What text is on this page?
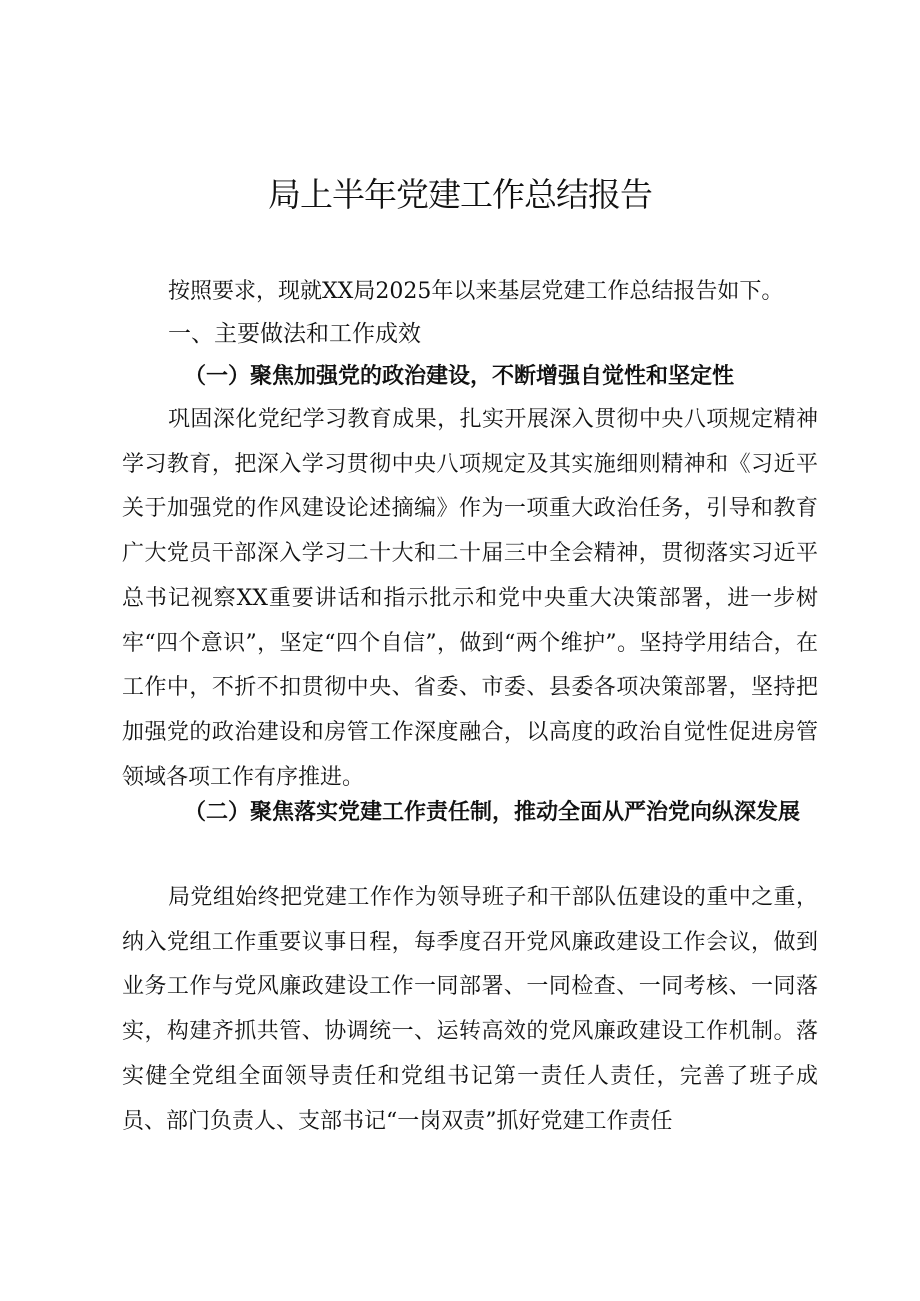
局上半年党建工作总结报告

按照要求，现就XX局2025年以来基层党建工作总结报告如下。

一、主要做法和工作成效
（一）聚焦加强党的政治建设，不断增强自觉性和坚定性

巩固深化党纪学习教育成果，扎实开展深入贯彻中央八项规定精神学习教育，把深入学习贯彻中央八项规定及其实施细则精神和《习近平关于加强党的作风建设论述摘编》作为一项重大政治任务，引导和教育广大党员干部深入学习二十大和二十届三中全会精神，贯彻落实习近平总书记视察XX重要讲话和指示批示和党中央重大决策部署，进一步树牢“四个意识”，坚定“四个自信”，做到“两个维护”。坚持学用结合，在工作中，不折不扣贯彻中央、省委、市委、县委各项决策部署，坚持把加强党的政治建设和房管工作深度融合，以高度的政治自觉性促进房管领域各项工作有序推进。

（二）聚焦落实党建工作责任制，推动全面从严治党向纵深发展

局党组始终把党建工作作为领导班子和干部队伍建设的重中之重，纳入党组工作重要议事日程，每季度召开党风廉政建设工作会议，做到业务工作与党风廉政建设工作一同部署、一同检查、一同考核、一同落实，构建齐抓共管、协调统一、运转高效的党风廉政建设工作机制。落实健全党组全面领导责任和党组书记第一责任人责任，完善了班子成员、部门负责人、支部书记“一岗双责”抓好党建工作责任
